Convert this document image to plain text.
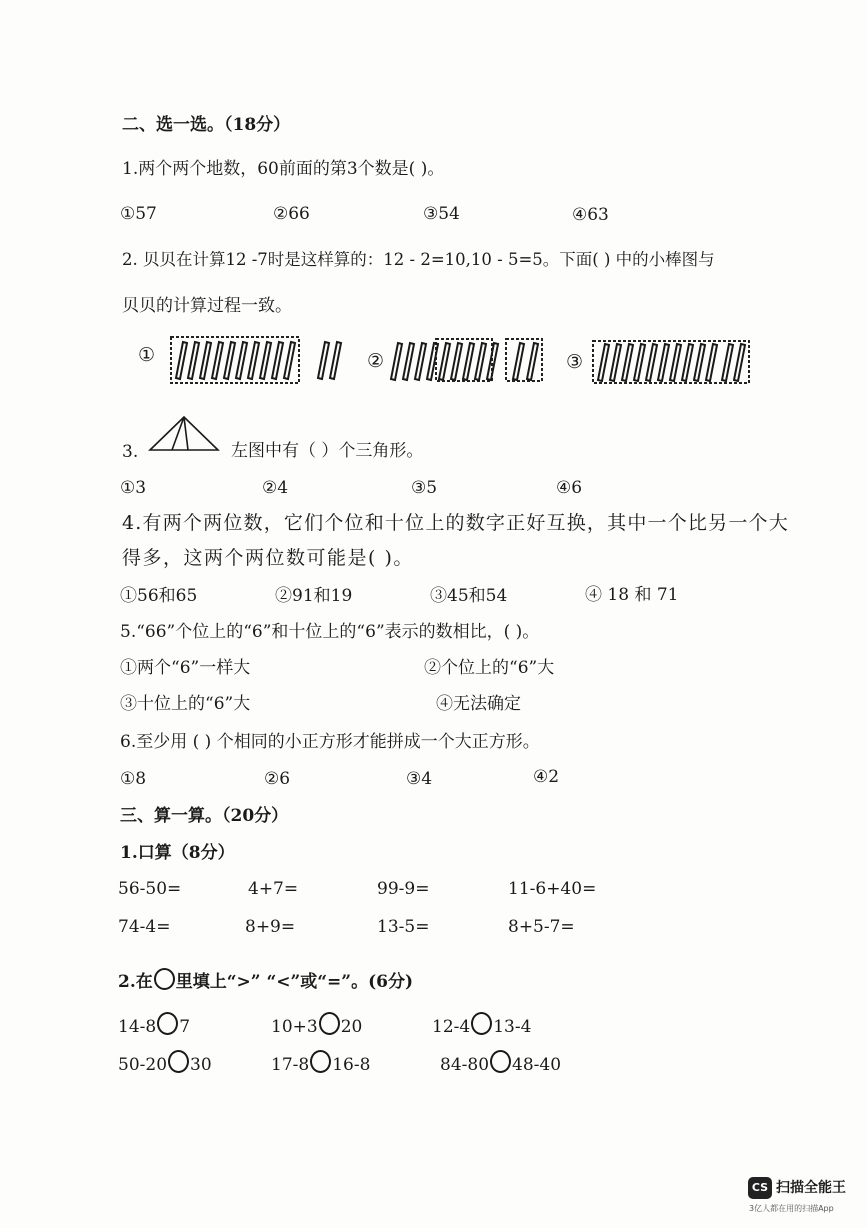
二、选一选。（18分）
1.两个两个地数，60前面的第3个数是( )。
①57	②66	③54	④63
2. 贝贝在计算12 -7时是这样算的：12 - 2=10,10 - 5=5。下面( ) 中的小棒图与
贝贝的计算过程一致。
①	②	③
3.	左图中有（ ）个三角形。
①3	②4	③5	④6
4.有两个两位数，它们个位和十位上的数字正好互换，其中一个比另一个大
得多，这两个两位数可能是( )。
①56和65	②91和19	③45和54	④ 18 和 71
5.“66”个位上的“6”和十位上的“6”表示的数相比，( )。
①两个“6”一样大	②个位上的“6”大
③十位上的“6”大	④无法确定
6.至少用 ( ) 个相同的小正方形才能拼成一个大正方形。
①8	②6	③4	④2
三、算一算。（20分）
1.口算（8分）
56-50=	4+7=	99-9=	11-6+40=
74-4=	8+9=	13-5=	8+5-7=
2.在 里填上“>” “<”或“=”。(6分)
14-8 7	10+3 20	12-4 13-4
50-20 30	17-8 16-8	84-80 48-40
CS 扫描全能王
3亿人都在用的扫描App
